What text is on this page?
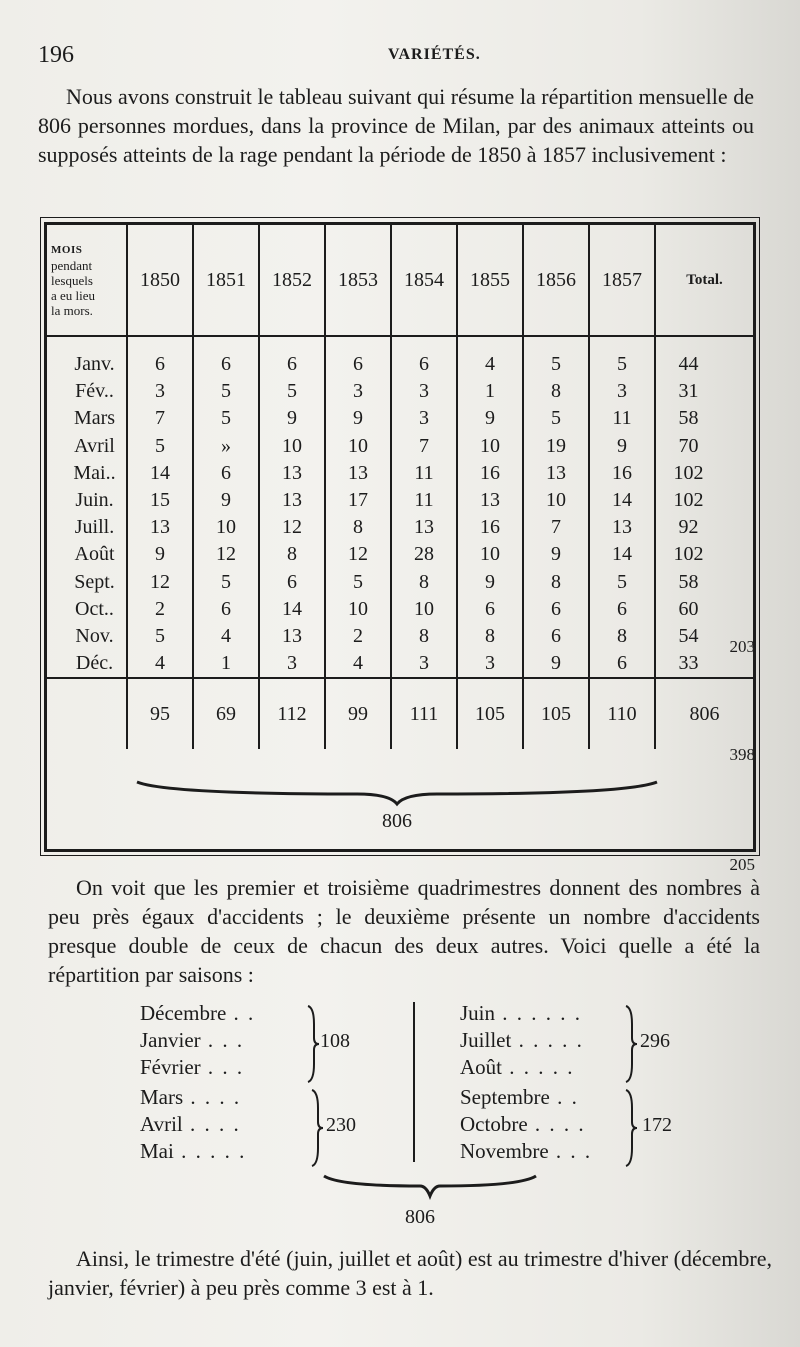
196	VARIÉTÉS.

Nous avons construit le tableau suivant qui résume la répartition mensuelle de 806 personnes mordues, dans la province de Milan, par des animaux atteints ou supposés atteints de la rage pendant la période de 1850 à 1857 inclusivement :

MOIS
pendant
lesquels
a eu lieu
la mors.	1850	1851	1852	1853	1854	1855	1856	1857	Total.
Janv.	6	6	6	6	6	4	5	5	44
Fév..	3	5	5	3	3	1	8	3	31
Mars	7	5	9	9	3	9	5	11	58
Avril	5	»	10	10	7	10	19	9	70
Mai..	14	6	13	13	11	16	13	16	102
Juin.	15	9	13	17	11	13	10	14	102
Juill.	13	10	12	8	13	16	7	13	92
Août	9	12	8	12	28	10	9	14	102
Sept.	12	5	6	5	8	9	8	5	58
Oct..	2	6	14	10	10	6	6	6	60
Nov.	5	4	13	2	8	8	6	8	54
Déc.	4	1	3	4	3	3	9	6	33
	95	69	112	99	111	105	105	110	806
203
398
205
806

On voit que les premier et troisième quadrimestres donnent des nombres à peu près égaux d'accidents ; le deuxième présente un nombre d'accidents presque double de ceux de chacun des deux autres. Voici quelle a été la répartition par saisons :

Décembre . .
Janvier . . .
Février . . .
108
Mars . . . .
Avril . . . .
Mai . . . . .
230
Juin . . . . . .
Juillet . . . . .
Août . . . . .
296
Septembre . .
Octobre . . . .
Novembre . . .
172
806

Ainsi, le trimestre d'été (juin, juillet et août) est au trimestre d'hiver (décembre, janvier, février) à peu près comme 3 est à 1.
